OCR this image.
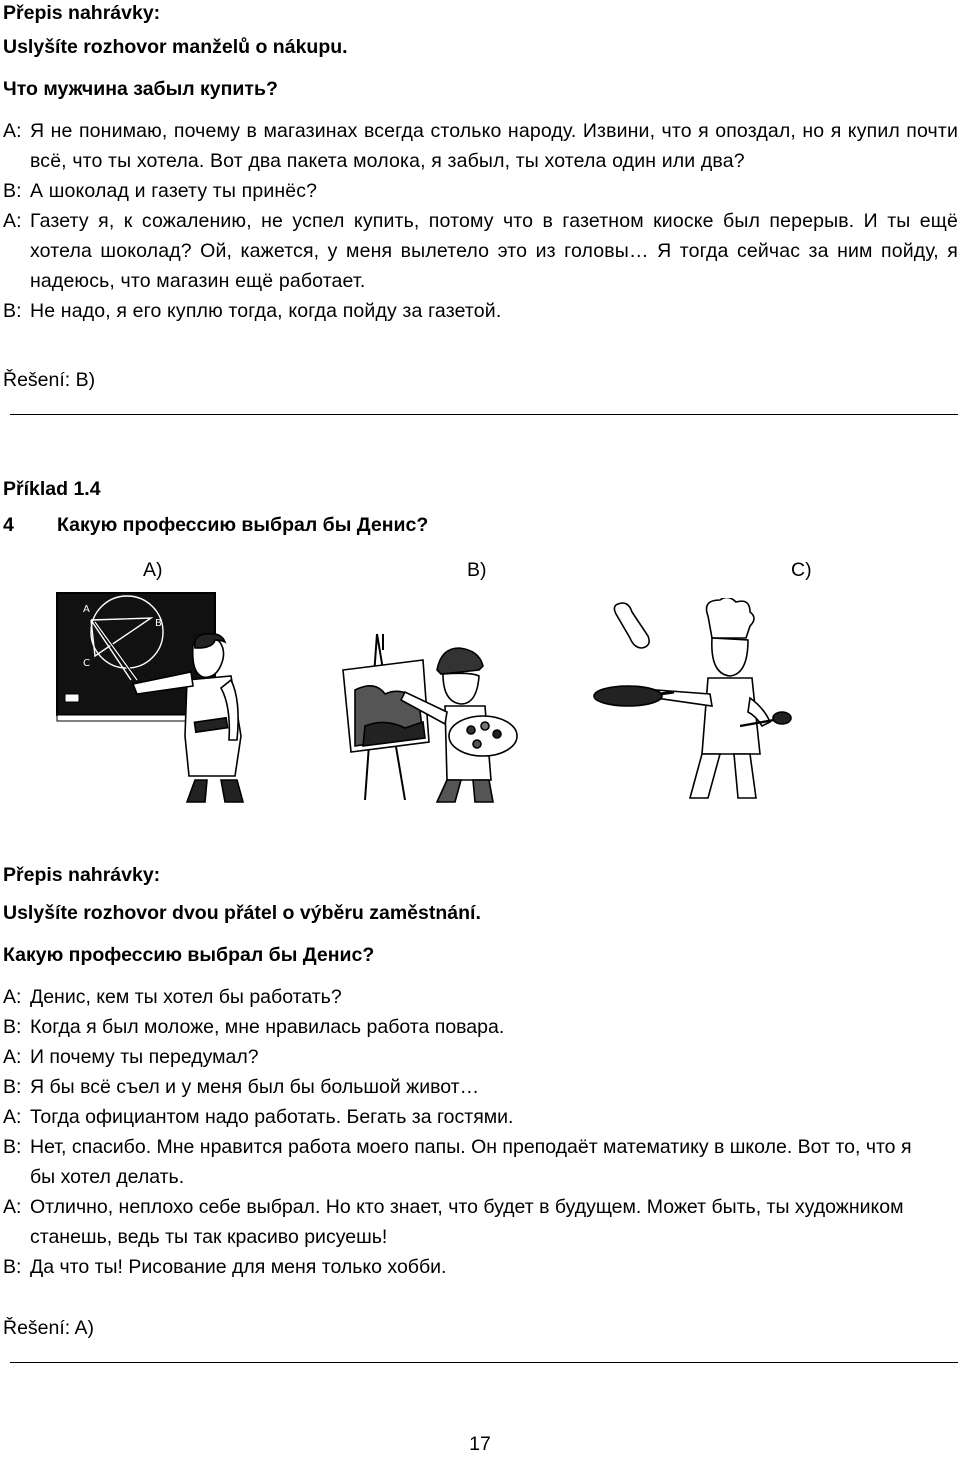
Přepis nahrávky:
Uslyšíte rozhovor manželů o nákupu.
Что мужчина забыл купить?
A: Я не понимаю, почему в магазинах всегда столько народу. Извини, что я опоздал, но я купил почти всё, что ты хотела. Вот два пакета молока, я забыл, ты хотела один или два?
B: А шоколад и газету ты принёс?
A: Газету я, к сожалению, не успел купить, потому что в газетном киоске был перерыв. И ты ещё хотела шоколад? Ой, кажется, у меня вылетело это из головы… Я тогда сейчас за ним пойду, я надеюсь, что магазин ещё работает.
B: Не надо, я его куплю тогда, когда пойду за газетой.
Řešení: B)
Příklad 1.4
4 Какую профессию выбрал бы Денис?
A)	B)	C)
A
B
C
Přepis nahrávky:
Uslyšíte rozhovor dvou přátel o výběru zaměstnání.
Какую профессию выбрал бы Денис?
A: Денис, кем ты хотел бы работать?
B: Когда я был моложе, мне нравилась работа повара.
A: И почему ты передумал?
B: Я бы всё съел и у меня был бы большой живот…
A: Тогда официантом надо работать. Бегать за гостями.
B: Нет, спасибо. Мне нравится работа моего папы. Он преподаёт математику в школе. Вот то, что я бы хотел делать.
A: Отлично, неплохо себе выбрал. Но кто знает, что будет в будущем. Может быть, ты художником станешь, ведь ты так красиво рисуешь!
B: Да что ты! Рисование для меня только хобби.
Řešení: A)
17
